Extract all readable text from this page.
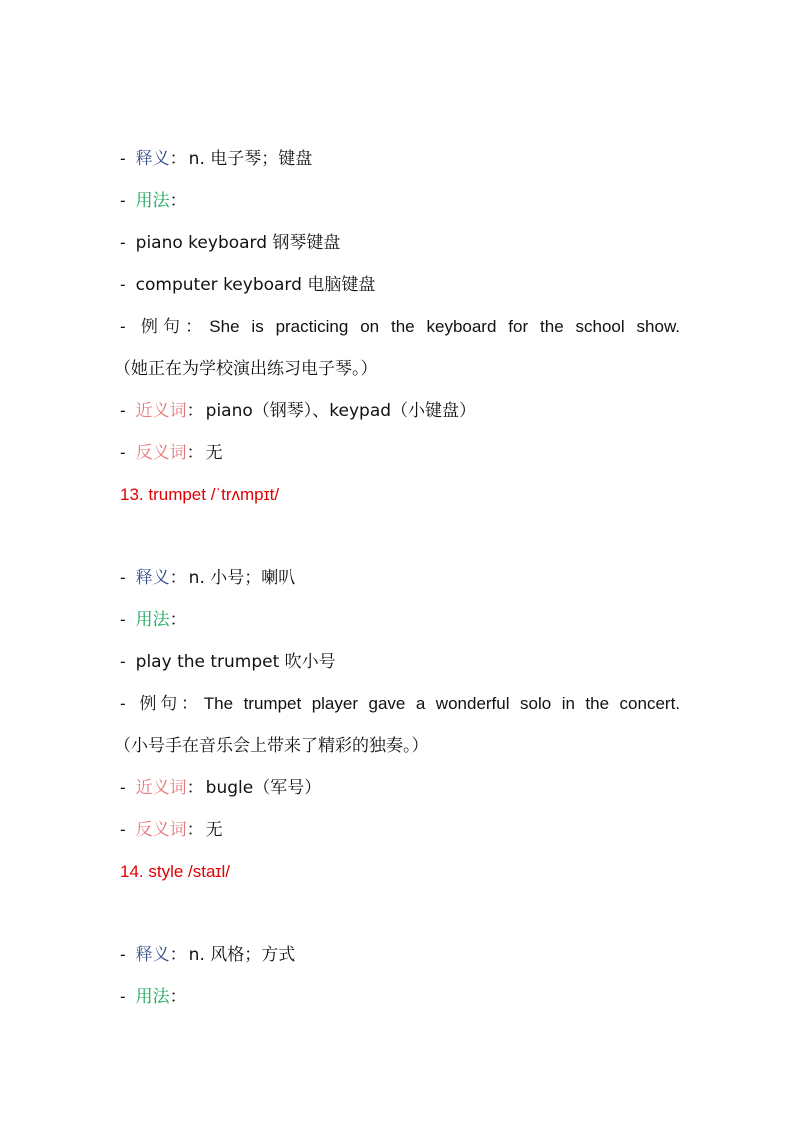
- 释义： n. 电子琴；键盘
- 用法：
- piano keyboard 钢琴键盘
- computer keyboard 电脑键盘
- 例句： She is practicing on the keyboard for the school show.
（她正在为学校演出练习电子琴。）
- 近义词： piano（钢琴）、keypad（小键盘）
- 反义词： 无
13. trumpet /ˈtrʌmpɪt/
- 释义： n. 小号；喇叭
- 用法：
- play the trumpet 吹小号
- 例句： The trumpet player gave a wonderful solo in the concert.
（小号手在音乐会上带来了精彩的独奏。）
- 近义词： bugle（军号）
- 反义词： 无
14. style /staɪl/
- 释义： n. 风格；方式
- 用法：
